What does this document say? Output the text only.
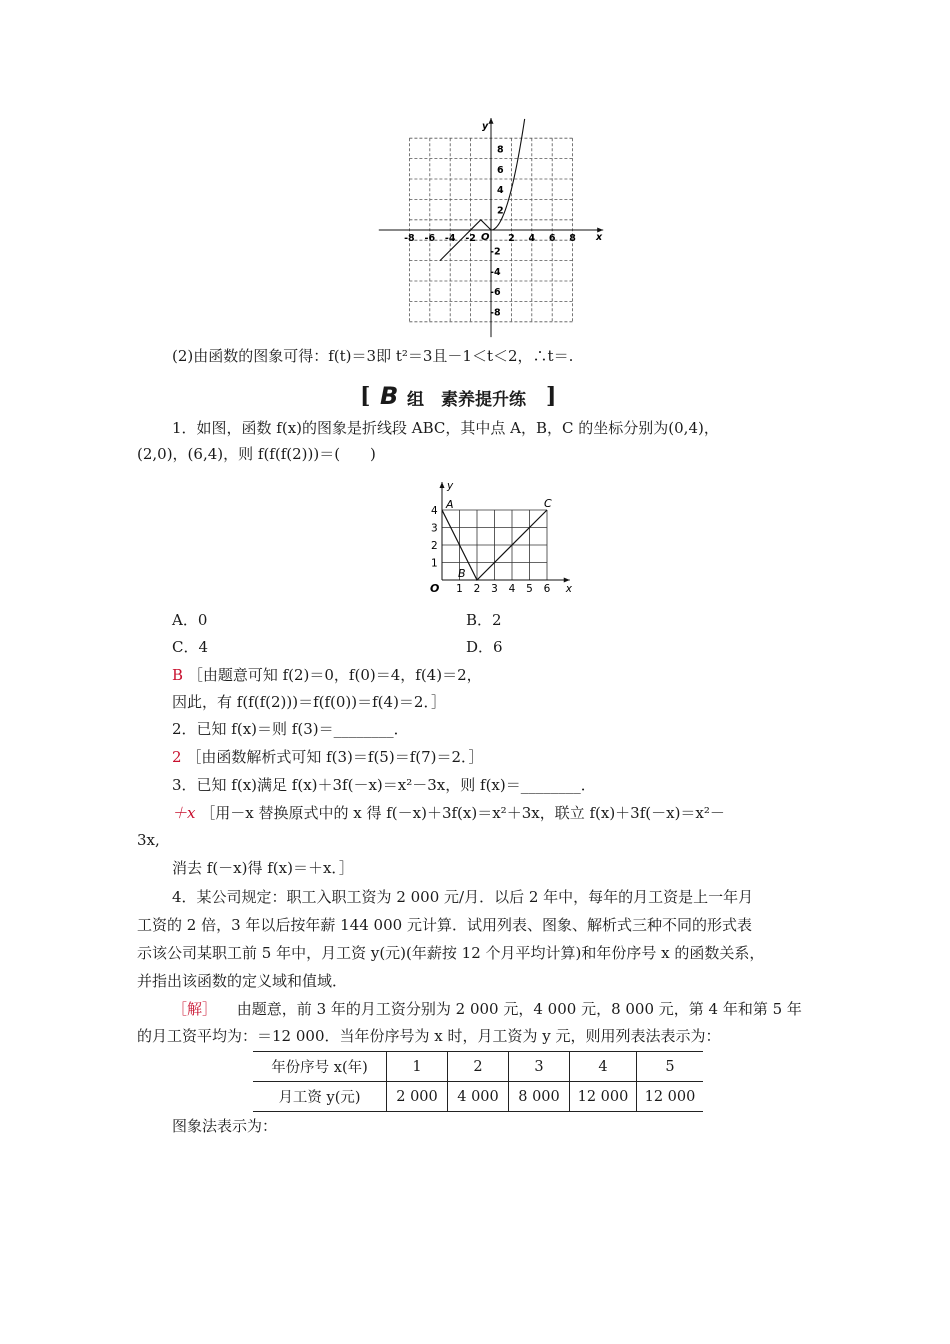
-8 -6 -4 -2	2 4 6 8
8
6
4
2
-2
-4
-6
-8
O
y
x
(2)由函数的图象可得：f(t)＝3即 t²＝3且－1＜t＜2，∴t＝.
[ B 组　素养提升练 ]
1．如图，函数 f(x)的图象是折线段 ABC，其中点 A，B，C 的坐标分别为(0,4)，
(2,0)，(6,4)，则 f(f(f(2)))＝(　　)
1 2 3 4 5 6
1
2
3
4
O
y
x
A
B
C
A．0	B．2
C．4	D．6
B ［由题意可知 f(2)＝0，f(0)＝4，f(4)＝2，
因此，有 f(f(f(2)))＝f(f(0))＝f(4)＝2．］
2．已知 f(x)＝则 f(3)＝________．
2 ［由函数解析式可知 f(3)＝f(5)＝f(7)＝2．］
3．已知 f(x)满足 f(x)＋3f(－x)＝x²－3x，则 f(x)＝________．
＋x ［用－x 替换原式中的 x 得 f(－x)＋3f(x)＝x²＋3x，联立 f(x)＋3f(－x)＝x²－
3x,
消去 f(－x)得 f(x)＝＋x．］
4．某公司规定：职工入职工资为 2 000 元/月．以后 2 年中，每年的月工资是上一年月
工资的 2 倍，3 年以后按年薪 144 000 元计算．试用列表、图象、解析式三种不同的形式表
示该公司某职工前 5 年中，月工资 y(元)(年薪按 12 个月平均计算)和年份序号 x 的函数关系，
并指出该函数的定义域和值域．
［解］ 　由题意，前 3 年的月工资分别为 2 000 元，4 000 元，8 000 元，第 4 年和第 5 年
的月工资平均为：＝12 000．当年份序号为 x 时，月工资为 y 元，则用列表法表示为：
年份序号 x(年)	1	2	3	4	5
月工资 y(元)	2 000	4 000	8 000	12 000	12 000
图象法表示为：
